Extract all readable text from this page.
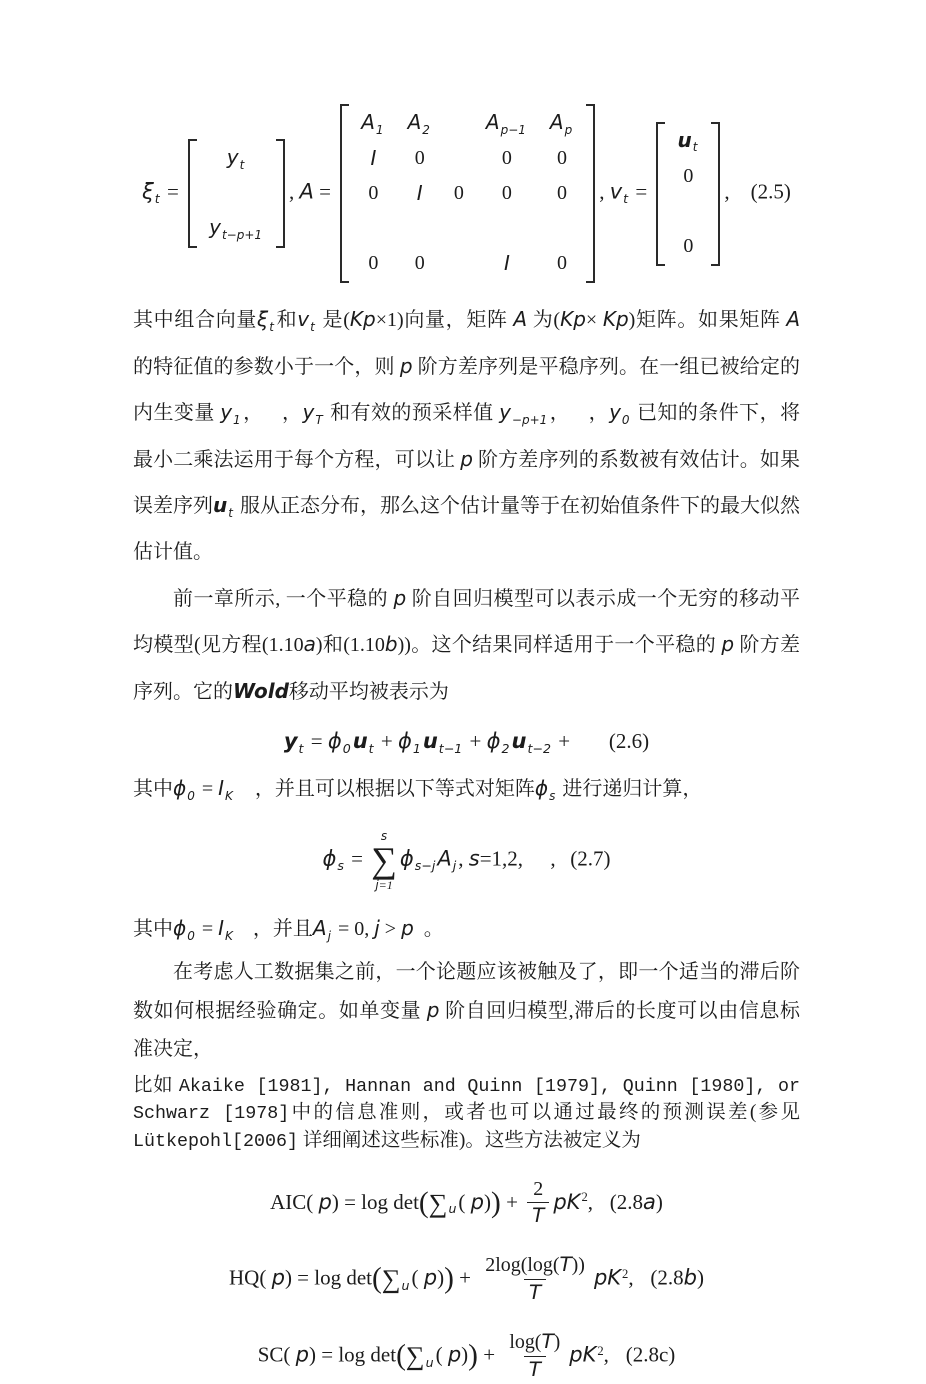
$\xi_t$ =
$y_t$

$y_{t-p+1}$
, A =
$A_1$	$A_2$		$A_{p-1}$	$A_p$
I	0		0	0
0	I	0	0	0

0	0		I	0
, $v_t$ =
$u_t$
0

0
, (2.5)

其中组合向量$\xi_t$ 和$v_t$ 是(Kp×1)向量，矩阵 A 为(Kp× Kp)矩阵。如果矩阵 A 的特征值的参数小于一个，则 p 阶方差序列是平稳序列。在一组已被给定的内生变量 $y_1$ ， ，$y_T$ 和有效的预采样值 $y_{-p+1}$ ， ，$y_0$ 已知的条件下，将最小二乘法运用于每个方程，可以让 p 阶方差序列的系数被有效估计。如果误差序列$u_t$ 服从正态分布，那么这个估计量等于在初始值条件下的最大似然估计值。

前一章所示, 一个平稳的 p 阶自回归模型可以表示成一个无穷的移动平均模型(见方程(1.10a)和(1.10b))。这个结果同样适用于一个平稳的 p 阶方差序列。它的Wold移动平均被表示为

$y_t = \phi_0u_t + \phi_1u_{t-1} + \phi_2u_{t-2} + (2.6)$

其中$\phi_0 = I_K$ ，并且可以根据以下等式对矩阵$\phi_s$ 进行递归计算，

$\phi_s$ =
s
∑
j=1
$\phi_{s-j}A_j$, s=1,2, , (2.7)

其中$\phi_0 = I_K$ ，并且$A_j = 0$, j > p 。

在考虑人工数据集之前，一个论题应该被触及了，即一个适当的滞后阶数如何根据经验确定。如单变量 p 阶自回归模型,滞后的长度可以由信息标准决定，

比如 Akaike [1981], Hannan and Quinn [1979], Quinn [1980], or Schwarz [1978]中的信息准则，或者也可以通过最终的预测误差(参见 Lütkepohl[2006] 详细阐述这些标准)。这些方法被定义为

AIC( $p) = \log \det(\sum_u$( $p)) + \frac{2}{T} pK^2$, (2.8a)
HQ( $p) = \log \det(\sum_u$( $p)) + \frac{2\log(\log(T))}{T} pK^2$, (2.8b)
SC( $p) = \log \det(\sum_u$( $p)) + \frac{\log(T)}{T} pK^2$, (2.8c)
